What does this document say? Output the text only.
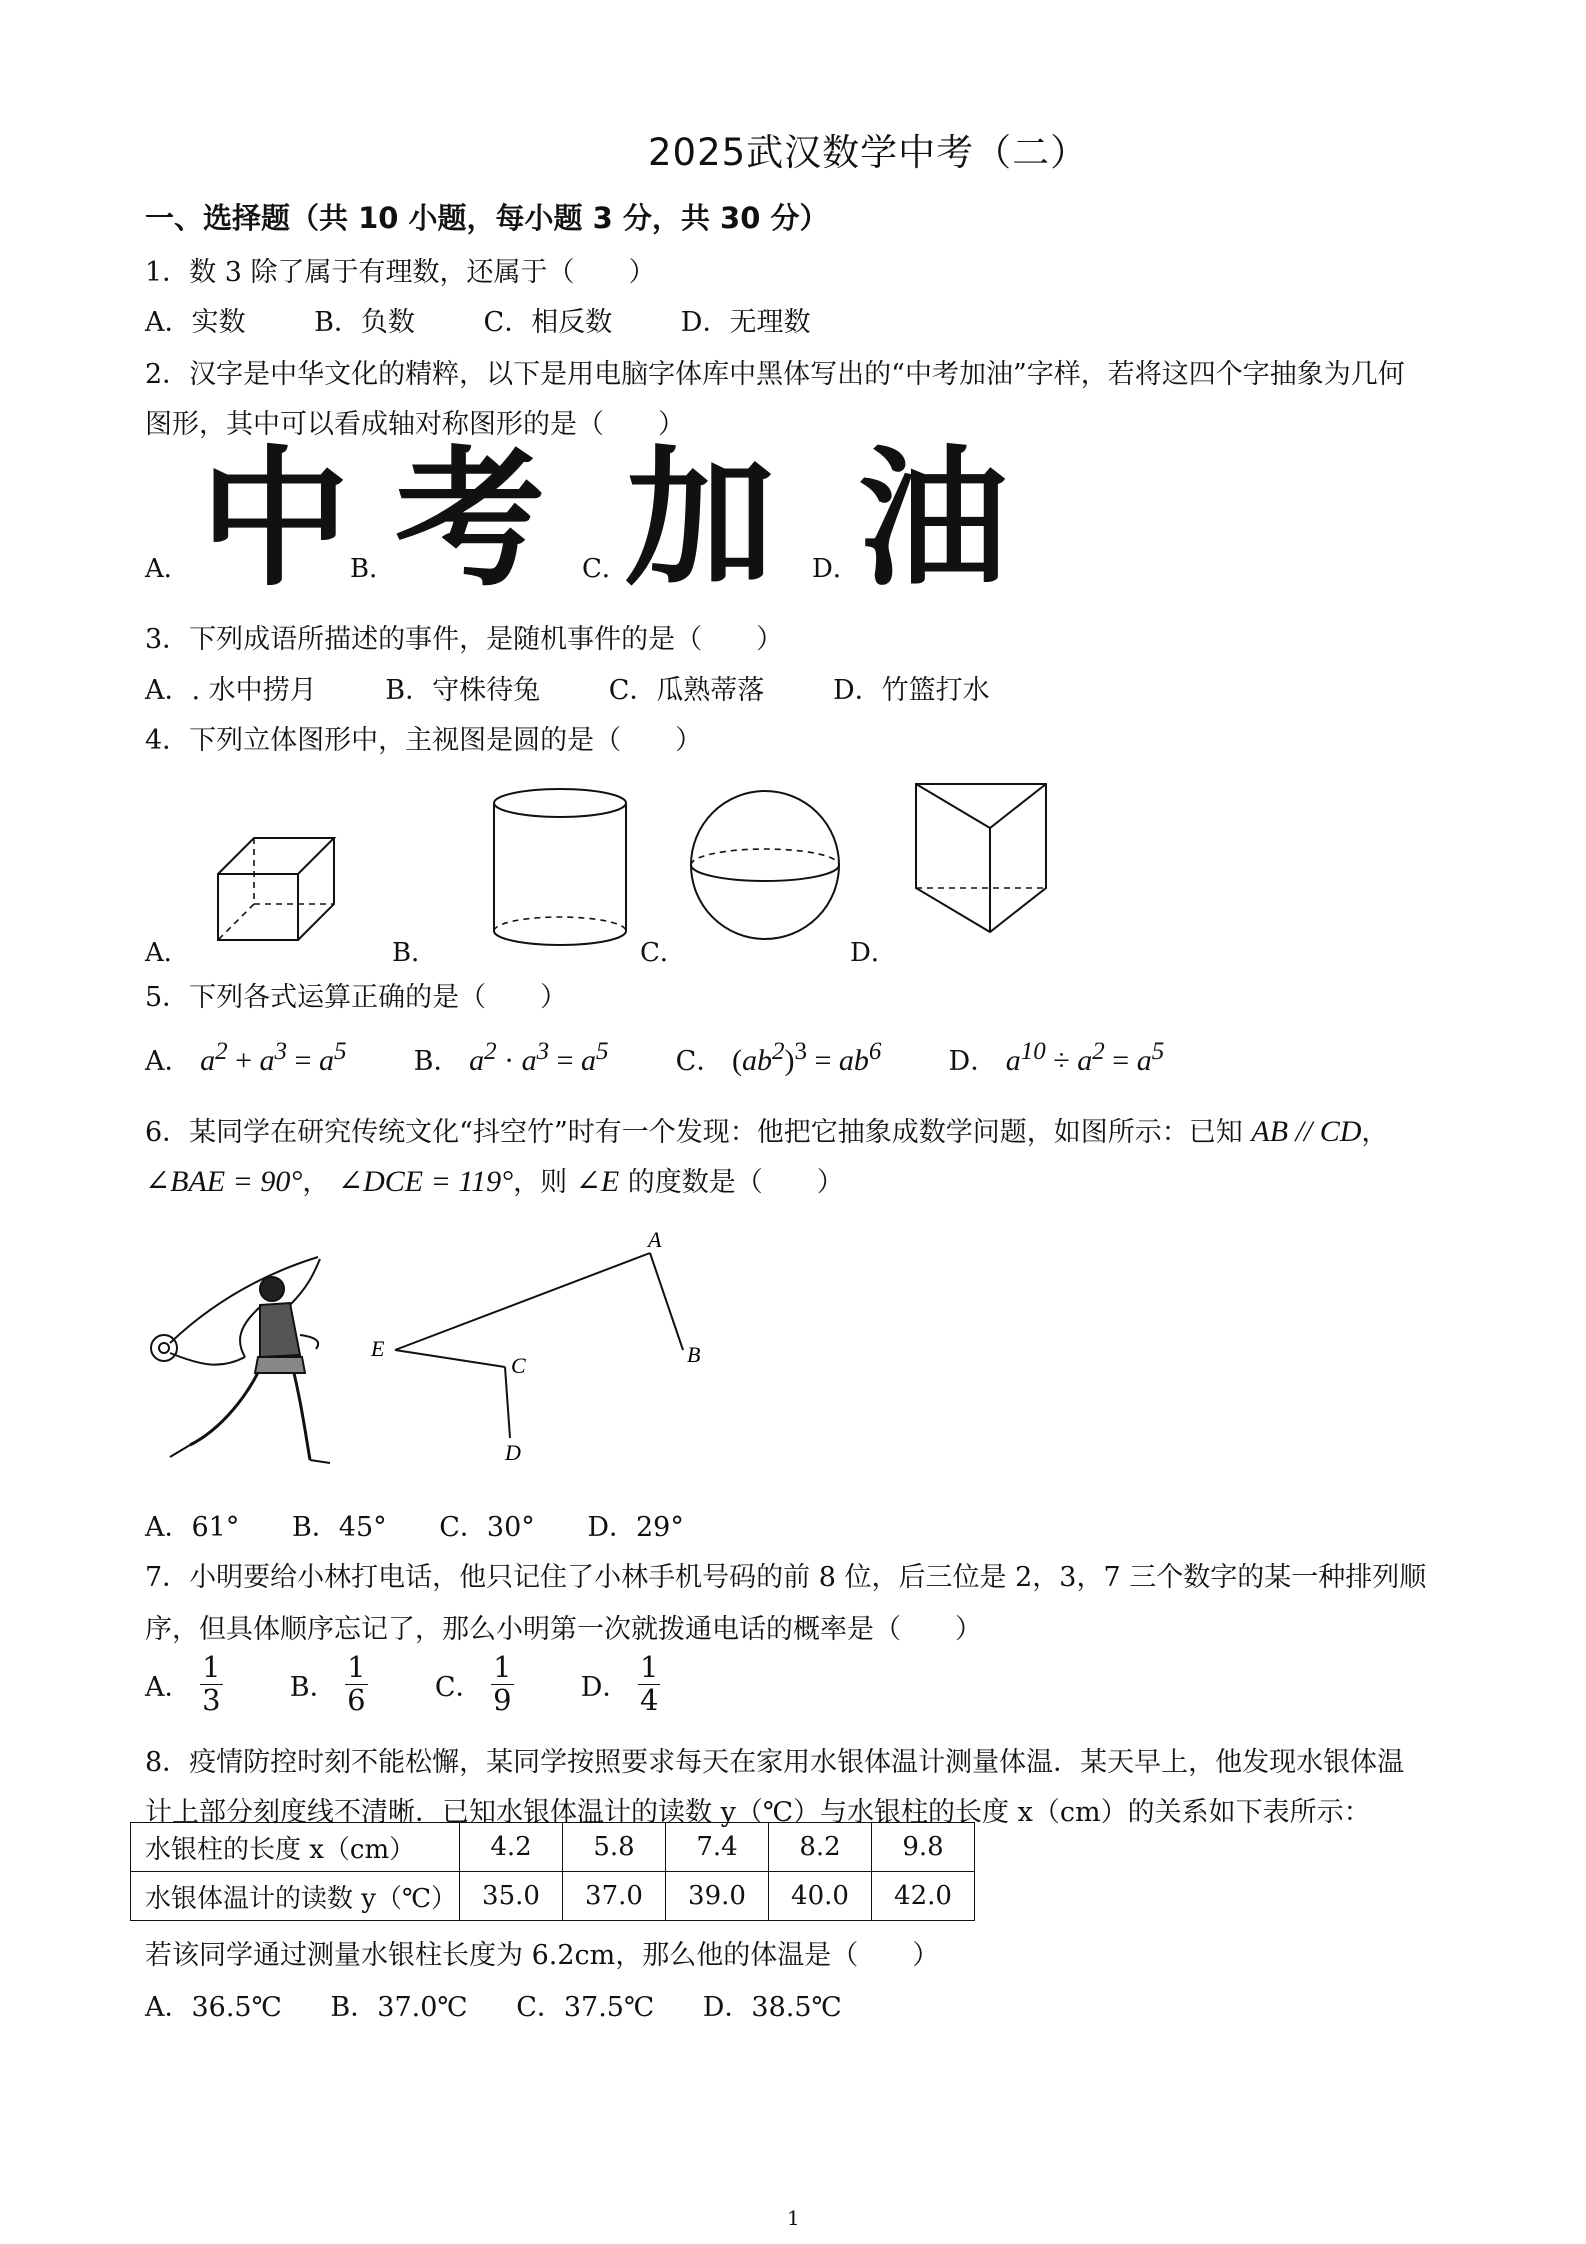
2025武汉数学中考（二）
一、选择题（共 10 小题，每小题 3 分，共 30 分）
1．数 3 除了属于有理数，还属于（　　）
A．实数	B．负数	C．相反数	D．无理数
2．汉字是中华文化的精粹，以下是用电脑字体库中黑体写出的“中考加油”字样，若将这四个字抽象为几何
图形，其中可以看成轴对称图形的是（　　）
A． 中 B． 考 C．
加 D． 油
3．下列成语所描述的事件，是随机事件的是（　　）
A．. 水中捞月	B．守株待兔	C．瓜熟蒂落	D．竹篮打水
4．下列立体图形中，主视图是圆的是（　　）
A．	B．	C．	D．
5．下列各式运算正确的是（　　）
A． $a^2 + a^3 = a^5$ B． $a^2 \cdot a^3 = a^5$ C． $(ab^2)^3 = ab^6$ D． $a^{10} \div a^2 = a^5$
6．某同学在研究传统文化“抖空竹”时有一个发现：他把它抽象成数学问题，如图所示：已知 AB // CD，
∠BAE = 90°， ∠DCE = 119°，则 ∠E 的度数是（　　）
A
B
C
D
E
A．61° B．45° C．30° D．29°
7．小明要给小林打电话，他只记住了小林手机号码的前 8 位，后三位是 2，3，7 三个数字的某一种排列顺
序，但具体顺序忘记了，那么小明第一次就拨通电话的概率是（　　）
A． $\frac{1}{3}$ B． $\frac{1}{6}$ C． $\frac{1}{9}$ D． $\frac{1}{4}$
8．疫情防控时刻不能松懈，某同学按照要求每天在家用水银体温计测量体温．某天早上，他发现水银体温
计上部分刻度线不清晰．已知水银体温计的读数 y（℃）与水银柱的长度 x（cm）的关系如下表所示：
水银柱的长度 x（cm）	4.2	5.8	7.4	8.2	9.8
水银体温计的读数 y（℃）	35.0	37.0	39.0	40.0	42.0
若该同学通过测量水银柱长度为 6.2cm，那么他的体温是（　　）
A．36.5℃ B．37.0℃ C．37.5℃ D．38.5℃
1
